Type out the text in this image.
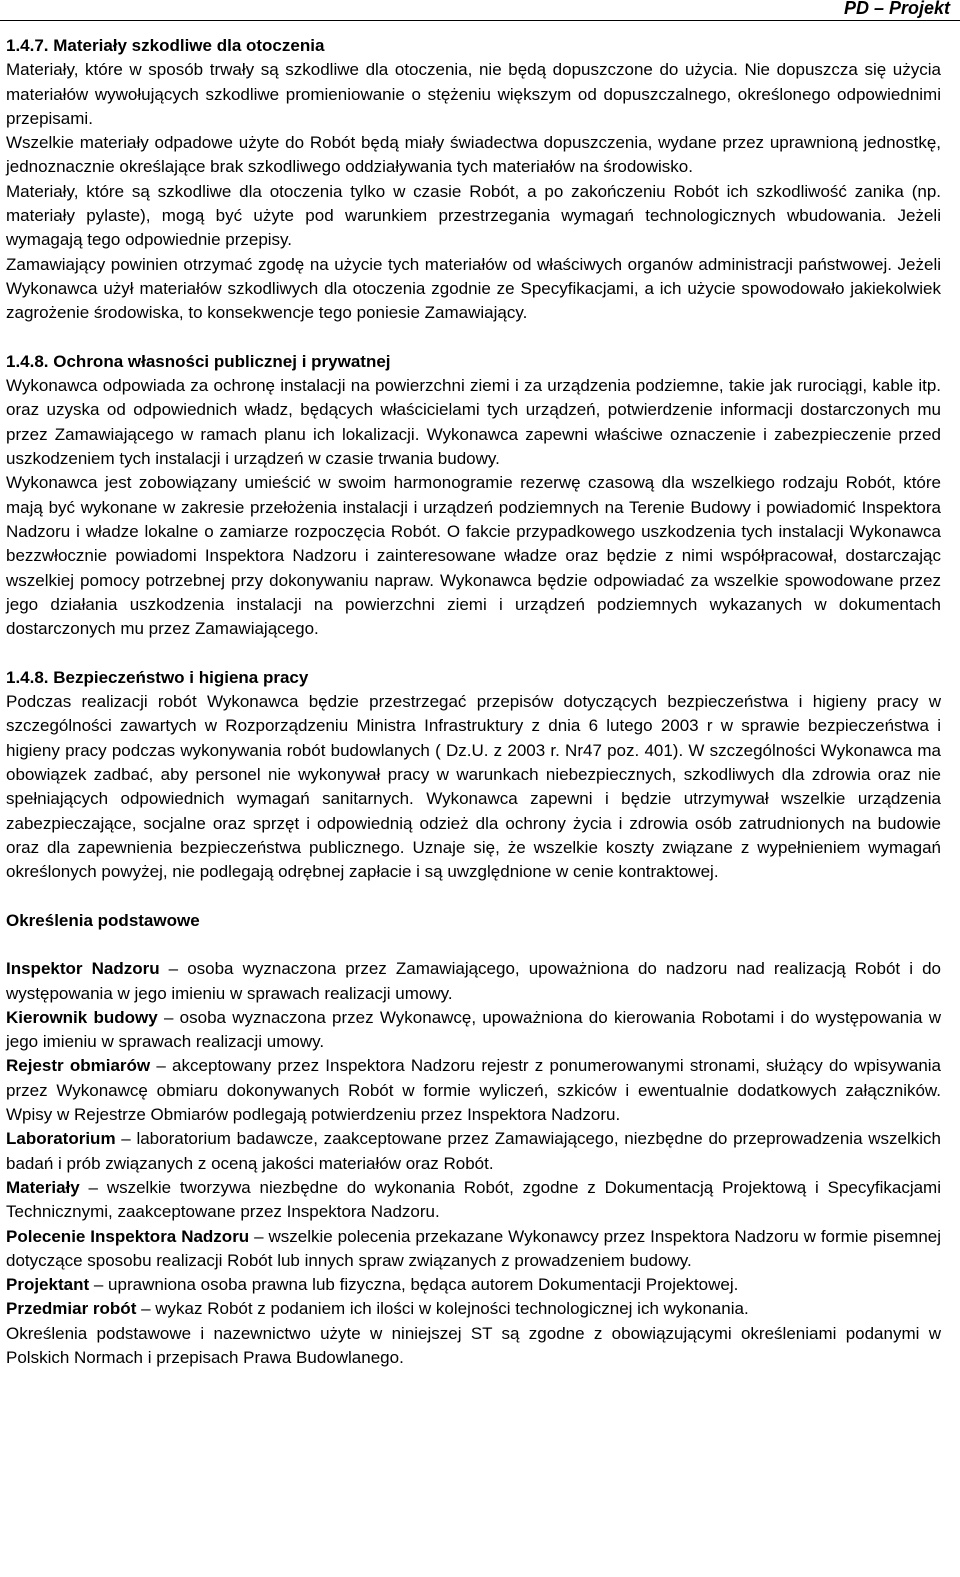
PD – Projekt

1.4.7. Materiały szkodliwe dla otoczenia

Materiały, które w sposób trwały są szkodliwe dla otoczenia, nie będą dopuszczone do użycia. Nie dopuszcza się użycia materiałów wywołujących szkodliwe promieniowanie o stężeniu większym od dopuszczalnego, określonego odpowiednimi przepisami.

Wszelkie materiały odpadowe użyte do Robót będą miały świadectwa dopuszczenia, wydane przez uprawnioną jednostkę, jednoznacznie określające brak szkodliwego oddziaływania tych materiałów na środowisko.

Materiały, które są szkodliwe dla otoczenia tylko w czasie Robót, a po zakończeniu Robót ich szkodliwość zanika (np. materiały pylaste), mogą być użyte pod warunkiem przestrzegania wymagań technologicznych wbudowania. Jeżeli wymagają tego odpowiednie przepisy.

Zamawiający powinien otrzymać zgodę na użycie tych materiałów od właściwych organów administracji państwowej. Jeżeli Wykonawca użył materiałów szkodliwych dla otoczenia zgodnie ze Specyfikacjami, a ich użycie spowodowało jakiekolwiek zagrożenie środowiska, to konsekwencje tego poniesie Zamawiający.

1.4.8. Ochrona własności publicznej i prywatnej

Wykonawca odpowiada za ochronę instalacji na powierzchni ziemi i za urządzenia podziemne, takie jak rurociągi, kable itp. oraz uzyska od odpowiednich władz, będących właścicielami tych urządzeń, potwierdzenie informacji dostarczonych mu przez Zamawiającego w ramach planu ich lokalizacji. Wykonawca zapewni właściwe oznaczenie i zabezpieczenie przed uszkodzeniem tych instalacji i urządzeń w czasie trwania budowy.

Wykonawca jest zobowiązany umieścić w swoim harmonogramie rezerwę czasową dla wszelkiego rodzaju Robót, które mają być wykonane w zakresie przełożenia instalacji i urządzeń podziemnych na Terenie Budowy i powiadomić Inspektora Nadzoru i władze lokalne o zamiarze rozpoczęcia Robót. O fakcie przypadkowego uszkodzenia tych instalacji Wykonawca bezzwłocznie powiadomi Inspektora Nadzoru i zainteresowane władze oraz będzie z nimi współpracował, dostarczając wszelkiej pomocy potrzebnej przy dokonywaniu napraw. Wykonawca będzie odpowiadać za wszelkie spowodowane przez jego działania uszkodzenia instalacji na powierzchni ziemi i urządzeń podziemnych wykazanych w dokumentach dostarczonych mu przez Zamawiającego.

1.4.8. Bezpieczeństwo i higiena pracy

Podczas realizacji robót Wykonawca będzie przestrzegać przepisów dotyczących bezpieczeństwa i higieny pracy w szczególności zawartych w Rozporządzeniu Ministra Infrastruktury z dnia 6 lutego 2003 r w sprawie bezpieczeństwa i higieny pracy podczas wykonywania robót budowlanych ( Dz.U. z 2003 r. Nr47 poz. 401). W szczególności Wykonawca ma obowiązek zadbać, aby personel nie wykonywał pracy w warunkach niebezpiecznych, szkodliwych dla zdrowia oraz nie spełniających odpowiednich wymagań sanitarnych. Wykonawca zapewni i będzie utrzymywał wszelkie urządzenia zabezpieczające, socjalne oraz sprzęt i odpowiednią odzież dla ochrony życia i zdrowia osób zatrudnionych na budowie oraz dla zapewnienia bezpieczeństwa publicznego. Uznaje się, że wszelkie koszty związane z wypełnieniem wymagań określonych powyżej, nie podlegają odrębnej zapłacie i są uwzględnione w cenie kontraktowej.

Określenia podstawowe

Inspektor Nadzoru – osoba wyznaczona przez Zamawiającego, upoważniona do nadzoru nad realizacją Robót i do występowania w jego imieniu w sprawach realizacji umowy.

Kierownik budowy – osoba wyznaczona przez Wykonawcę, upoważniona do kierowania Robotami i do występowania w jego imieniu w sprawach realizacji umowy.

Rejestr obmiarów – akceptowany przez Inspektora Nadzoru rejestr z ponumerowanymi stronami, służący do wpisywania przez Wykonawcę obmiaru dokonywanych Robót w formie wyliczeń, szkiców i ewentualnie dodatkowych załączników. Wpisy w Rejestrze Obmiarów podlegają potwierdzeniu przez Inspektora Nadzoru.

Laboratorium – laboratorium badawcze, zaakceptowane przez Zamawiającego, niezbędne do przeprowadzenia wszelkich badań i prób związanych z oceną jakości materiałów oraz Robót.

Materiały – wszelkie tworzywa niezbędne do wykonania Robót, zgodne z Dokumentacją Projektową i Specyfikacjami Technicznymi, zaakceptowane przez Inspektora Nadzoru.

Polecenie Inspektora Nadzoru – wszelkie polecenia przekazane Wykonawcy przez Inspektora Nadzoru w formie pisemnej dotyczące sposobu realizacji Robót lub innych spraw związanych z prowadzeniem budowy.

Projektant – uprawniona osoba prawna lub fizyczna, będąca autorem Dokumentacji Projektowej.

Przedmiar robót – wykaz Robót z podaniem ich ilości w kolejności technologicznej ich wykonania.

Określenia podstawowe i nazewnictwo użyte w niniejszej ST są zgodne z obowiązującymi określeniami podanymi w Polskich Normach i przepisach Prawa Budowlanego.
